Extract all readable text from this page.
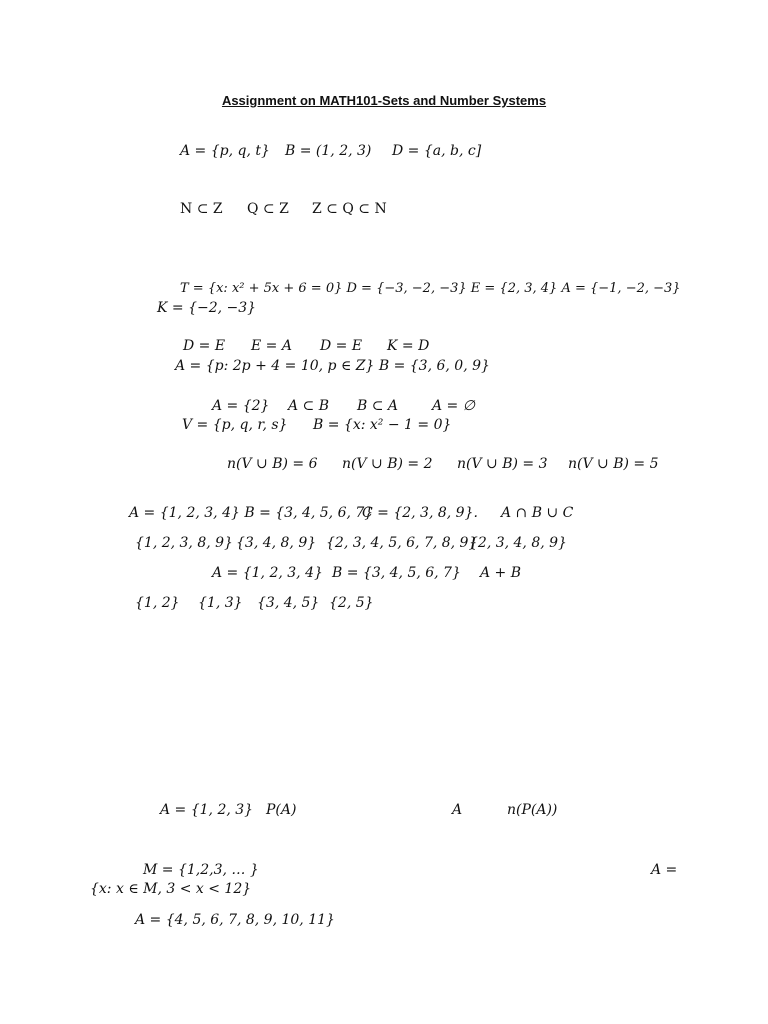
Assignment on MATH101-Sets and Number Systems
A = {p, q, t} B = (1, 2, 3) D = {a, b, c]
N ⊂ Z Q ⊂ Z Z ⊂ Q ⊂ N
T = {x: x² + 5x + 6 = 0} D = {−3, −2, −3} E = {2, 3, 4} A = {−1, −2, −3}
K = {−2, −3}
D = E E = A D = E K = D
A = {p: 2p + 4 = 10, p ∈ Z} B = {3, 6, 0, 9}
A = {2} A ⊂ B B ⊂ A A = ∅
V = {p, q, r, s} B = {x: x² − 1 = 0}
n(V ∪ B) = 6 n(V ∪ B) = 2 n(V ∪ B) = 3 n(V ∪ B) = 5
A = {1, 2, 3, 4} B = {3, 4, 5, 6, 7}
C = {2, 3, 8, 9}. A ∩ B ∪ C
{1, 2, 3, 8, 9} {3, 4, 8, 9} {2, 3, 4, 5, 6, 7, 8, 9}
{2, 3, 4, 8, 9}
A = {1, 2, 3, 4} B = {3, 4, 5, 6, 7} A + B
{1, 2} {1, 3} {3, 4, 5} {2, 5}
A = {1, 2, 3} P(A)	A	n(P(A))
M = {1,2,3, … }	A =
{x: x ∈ M, 3 < x < 12}
A = {4, 5, 6, 7, 8, 9, 10, 11}
